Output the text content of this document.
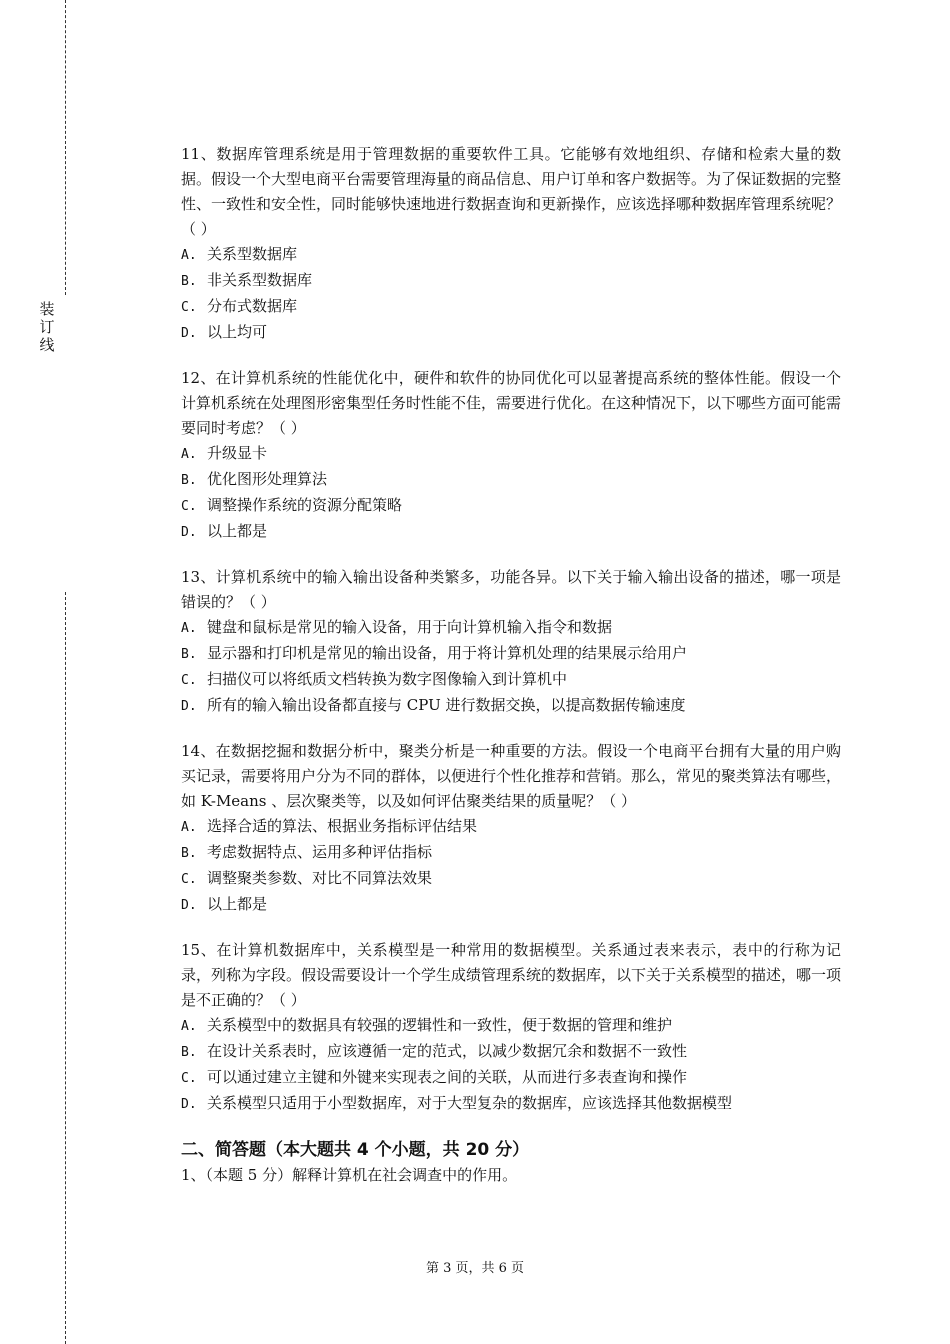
装
订
线

11、数据库管理系统是用于管理数据的重要软件工具。它能够有效地组织、存储和检索大量的数据。假设一个大型电商平台需要管理海量的商品信息、用户订单和客户数据等。为了保证数据的完整性、一致性和安全性，同时能够快速地进行数据查询和更新操作，应该选择哪种数据库管理系统呢？（ ）

A. 关系型数据库
B. 非关系型数据库
C. 分布式数据库
D. 以上均可

12、在计算机系统的性能优化中，硬件和软件的协同优化可以显著提高系统的整体性能。假设一个计算机系统在处理图形密集型任务时性能不佳，需要进行优化。在这种情况下，以下哪些方面可能需要同时考虑？（ ）

A. 升级显卡
B. 优化图形处理算法
C. 调整操作系统的资源分配策略
D. 以上都是

13、计算机系统中的输入输出设备种类繁多，功能各异。以下关于输入输出设备的描述，哪一项是错误的？（ ）

A. 键盘和鼠标是常见的输入设备，用于向计算机输入指令和数据
B. 显示器和打印机是常见的输出设备，用于将计算机处理的结果展示给用户
C. 扫描仪可以将纸质文档转换为数字图像输入到计算机中
D. 所有的输入输出设备都直接与 CPU 进行数据交换，以提高数据传输速度

14、在数据挖掘和数据分析中，聚类分析是一种重要的方法。假设一个电商平台拥有大量的用户购买记录，需要将用户分为不同的群体，以便进行个性化推荐和营销。那么，常见的聚类算法有哪些，如 K-Means 、层次聚类等，以及如何评估聚类结果的质量呢？（ ）

A. 选择合适的算法、根据业务指标评估结果
B. 考虑数据特点、运用多种评估指标
C. 调整聚类参数、对比不同算法效果
D. 以上都是

15、在计算机数据库中，关系模型是一种常用的数据模型。关系通过表来表示，表中的行称为记录，列称为字段。假设需要设计一个学生成绩管理系统的数据库，以下关于关系模型的描述，哪一项是不正确的？（ ）

A. 关系模型中的数据具有较强的逻辑性和一致性，便于数据的管理和维护
B. 在设计关系表时，应该遵循一定的范式，以减少数据冗余和数据不一致性
C. 可以通过建立主键和外键来实现表之间的关联，从而进行多表查询和操作
D. 关系模型只适用于小型数据库，对于大型复杂的数据库，应该选择其他数据模型
二、简答题（本大题共 4 个小题，共 20 分）

1、（本题 5 分）解释计算机在社会调查中的作用。

第 3 页，共 6 页
